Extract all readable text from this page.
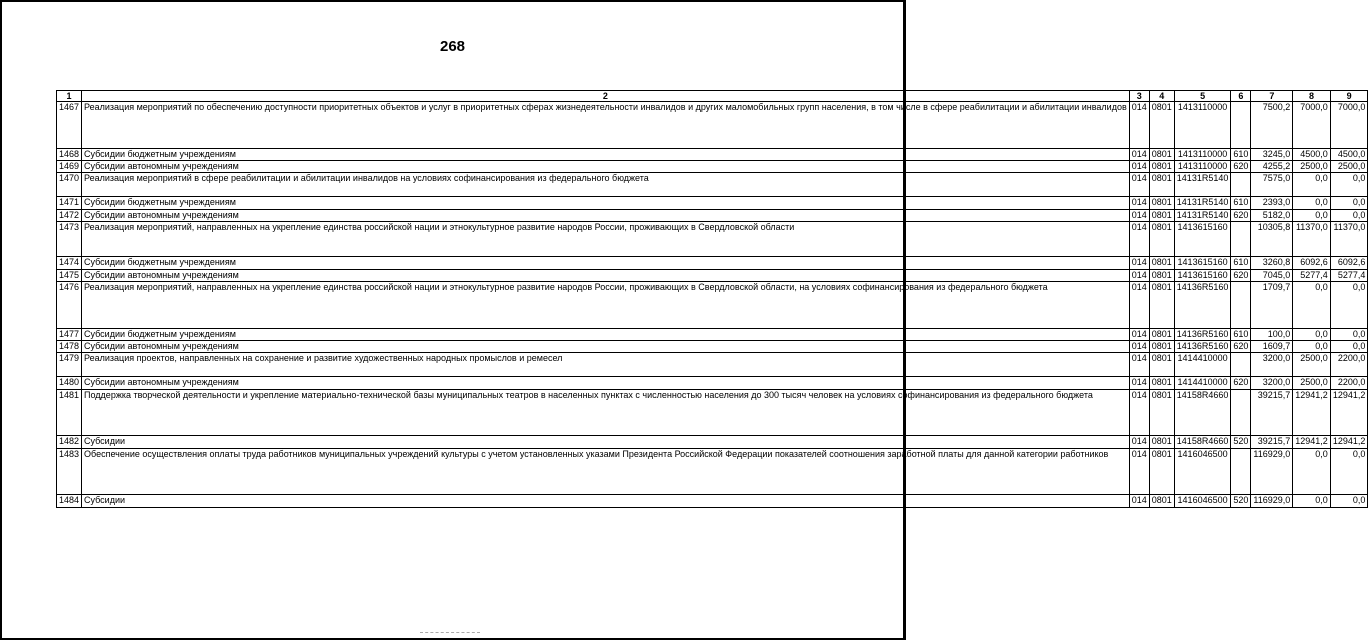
268
1	2	3	4	5	6	7	8	9
1467	Реализация мероприятий по обеспечению доступности приоритетных объектов и услуг в приоритетных сферах жизнедеятельности инвалидов и других маломобильных групп населения, в том числе в сфере реабилитации и абилитации инвалидов	014	0801	1413110000		7500,2	7000,0	7000,0
1468	Субсидии бюджетным учреждениям	014	0801	1413110000	610	3245,0	4500,0	4500,0
1469	Субсидии автономным учреждениям	014	0801	1413110000	620	4255,2	2500,0	2500,0
1470	Реализация мероприятий в сфере реабилитации и абилитации инвалидов на условиях софинансирования из федерального бюджета	014	0801	14131R5140		7575,0	0,0	0,0
1471	Субсидии бюджетным учреждениям	014	0801	14131R5140	610	2393,0	0,0	0,0
1472	Субсидии автономным учреждениям	014	0801	14131R5140	620	5182,0	0,0	0,0
1473	Реализация мероприятий, направленных на укрепление единства российской нации и этнокультурное развитие народов России, проживающих в Свердловской области	014	0801	1413615160		10305,8	11370,0	11370,0
1474	Субсидии бюджетным учреждениям	014	0801	1413615160	610	3260,8	6092,6	6092,6
1475	Субсидии автономным учреждениям	014	0801	1413615160	620	7045,0	5277,4	5277,4
1476	Реализация мероприятий, направленных на укрепление единства российской нации и этнокультурное развитие народов России, проживающих в Свердловской области, на условиях софинансирования из федерального бюджета	014	0801	14136R5160		1709,7	0,0	0,0
1477	Субсидии бюджетным учреждениям	014	0801	14136R5160	610	100,0	0,0	0,0
1478	Субсидии автономным учреждениям	014	0801	14136R5160	620	1609,7	0,0	0,0
1479	Реализация проектов, направленных на сохранение и развитие художественных народных промыслов и ремесел	014	0801	1414410000		3200,0	2500,0	2200,0
1480	Субсидии автономным учреждениям	014	0801	1414410000	620	3200,0	2500,0	2200,0
1481	Поддержка творческой деятельности и укрепление материально-технической базы муниципальных театров в населенных пунктах с численностью населения до 300 тысяч человек на условиях софинансирования из федерального бюджета	014	0801	14158R4660		39215,7	12941,2	12941,2
1482	Субсидии	014	0801	14158R4660	520	39215,7	12941,2	12941,2
1483	Обеспечение осуществления оплаты труда работников муниципальных учреждений культуры с учетом установленных указами Президента Российской Федерации показателей соотношения заработной платы для данной категории работников	014	0801	1416046500		116929,0	0,0	0,0
1484	Субсидии	014	0801	1416046500	520	116929,0	0,0	0,0
